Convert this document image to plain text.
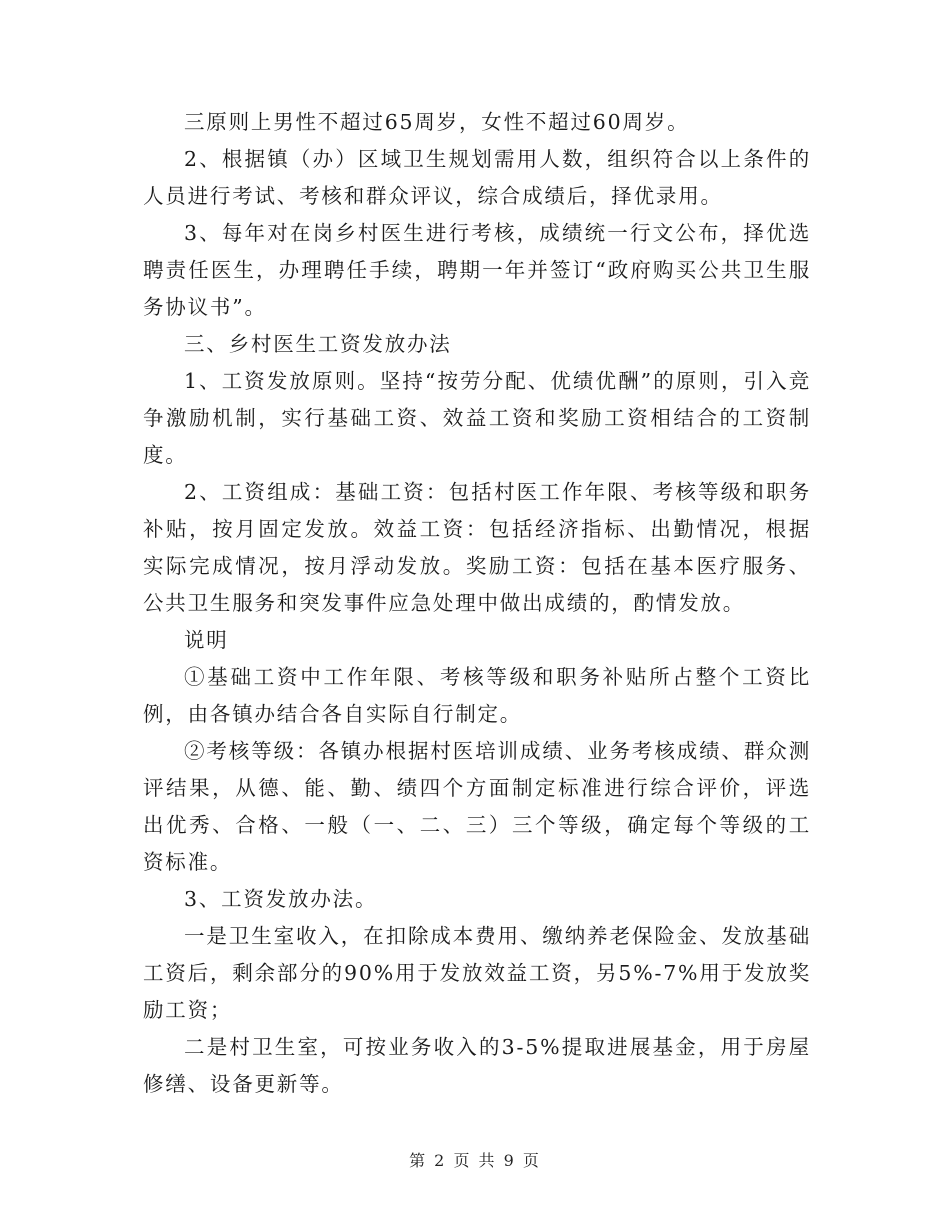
三原则上男性不超过65周岁，女性不超过60周岁。

2、根据镇（办）区域卫生规划需用人数，组织符合以上条件的人员进行考试、考核和群众评议，综合成绩后，择优录用。

3、每年对在岗乡村医生进行考核，成绩统一行文公布，择优选聘责任医生，办理聘任手续，聘期一年并签订“政府购买公共卫生服务协议书”。

三、乡村医生工资发放办法

1、工资发放原则。坚持“按劳分配、优绩优酬”的原则，引入竞争激励机制，实行基础工资、效益工资和奖励工资相结合的工资制度。

2、工资组成：基础工资：包括村医工作年限、考核等级和职务补贴，按月固定发放。效益工资：包括经济指标、出勤情况，根据实际完成情况，按月浮动发放。奖励工资：包括在基本医疗服务、公共卫生服务和突发事件应急处理中做出成绩的，酌情发放。

说明

①基础工资中工作年限、考核等级和职务补贴所占整个工资比例，由各镇办结合各自实际自行制定。

②考核等级：各镇办根据村医培训成绩、业务考核成绩、群众测评结果，从德、能、勤、绩四个方面制定标准进行综合评价，评选出优秀、合格、一般（一、二、三）三个等级，确定每个等级的工资标准。

3、工资发放办法。

一是卫生室收入，在扣除成本费用、缴纳养老保险金、发放基础工资后，剩余部分的90%用于发放效益工资，另5%-7%用于发放奖励工资；

二是村卫生室，可按业务收入的3-5%提取进展基金，用于房屋修缮、设备更新等。

第 2 页 共 9 页
